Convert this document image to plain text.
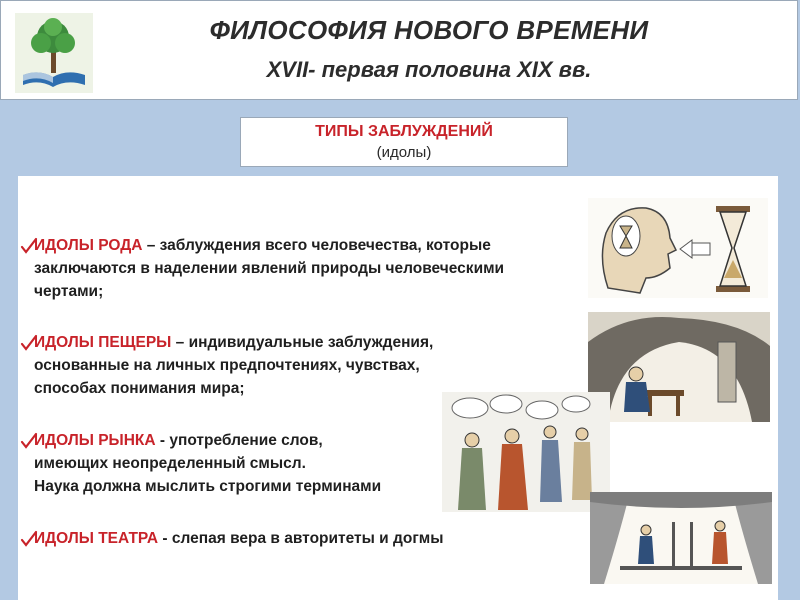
ФИЛОСОФИЯ НОВОГО ВРЕМЕНИ
XVII- первая половина XIX вв.
ТИПЫ ЗАБЛУЖДЕНИЙ
(идолы)
ИДОЛЫ РОДА – заблуждения всего человечества, которые
заключаются в наделении явлений природы человеческими
чертами;
ИДОЛЫ ПЕЩЕРЫ – индивидуальные заблуждения,
основанные на личных предпочтениях, чувствах,
способах понимания мира;
ИДОЛЫ РЫНКА - употребление слов,
имеющих неопределенный смысл.
Наука должна мыслить строгими терминами
ИДОЛЫ ТЕАТРА - слепая вера в авторитеты и догмы
